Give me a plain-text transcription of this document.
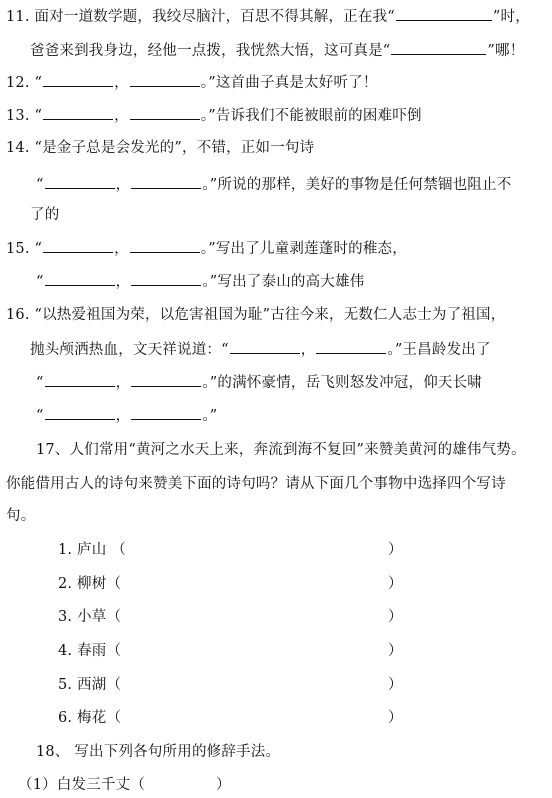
11. 面对一道数学题，我绞尽脑汁，百思不得其解，正在我“	”时，
爸爸来到我身边，经他一点拨，我恍然大悟，这可真是“	”哪！
12. “	，	。”这首曲子真是太好听了！
13. “	，	。”告诉我们不能被眼前的困难吓倒
14. “是金子总是会发光的”，不错，正如一句诗
“	，	。”所说的那样，美好的事物是任何禁锢也阻止不
了的
15. “	，	。”写出了儿童剥莲蓬时的稚态，
“	，	。”写出了泰山的高大雄伟
16. “以热爱祖国为荣，以危害祖国为耻”古往今来，无数仁人志士为了祖国，
抛头颅洒热血，文天祥说道：“	，	。”王昌龄发出了
“	，	。”的满怀豪情，岳飞则怒发冲冠，仰天长啸
“	，	。”
17、人们常用“黄河之水天上来，奔流到海不复回”来赞美黄河的雄伟气势。
你能借用古人的诗句来赞美下面的诗句吗？请从下面几个事物中选择四个写诗
句。
1. 庐山 （	）
2. 柳树（	）
3. 小草（	）
4. 春雨（	）
5. 西湖（	）
6. 梅花（	）
18、 写出下列各句所用的修辞手法。
（1）白发三千丈（	）
